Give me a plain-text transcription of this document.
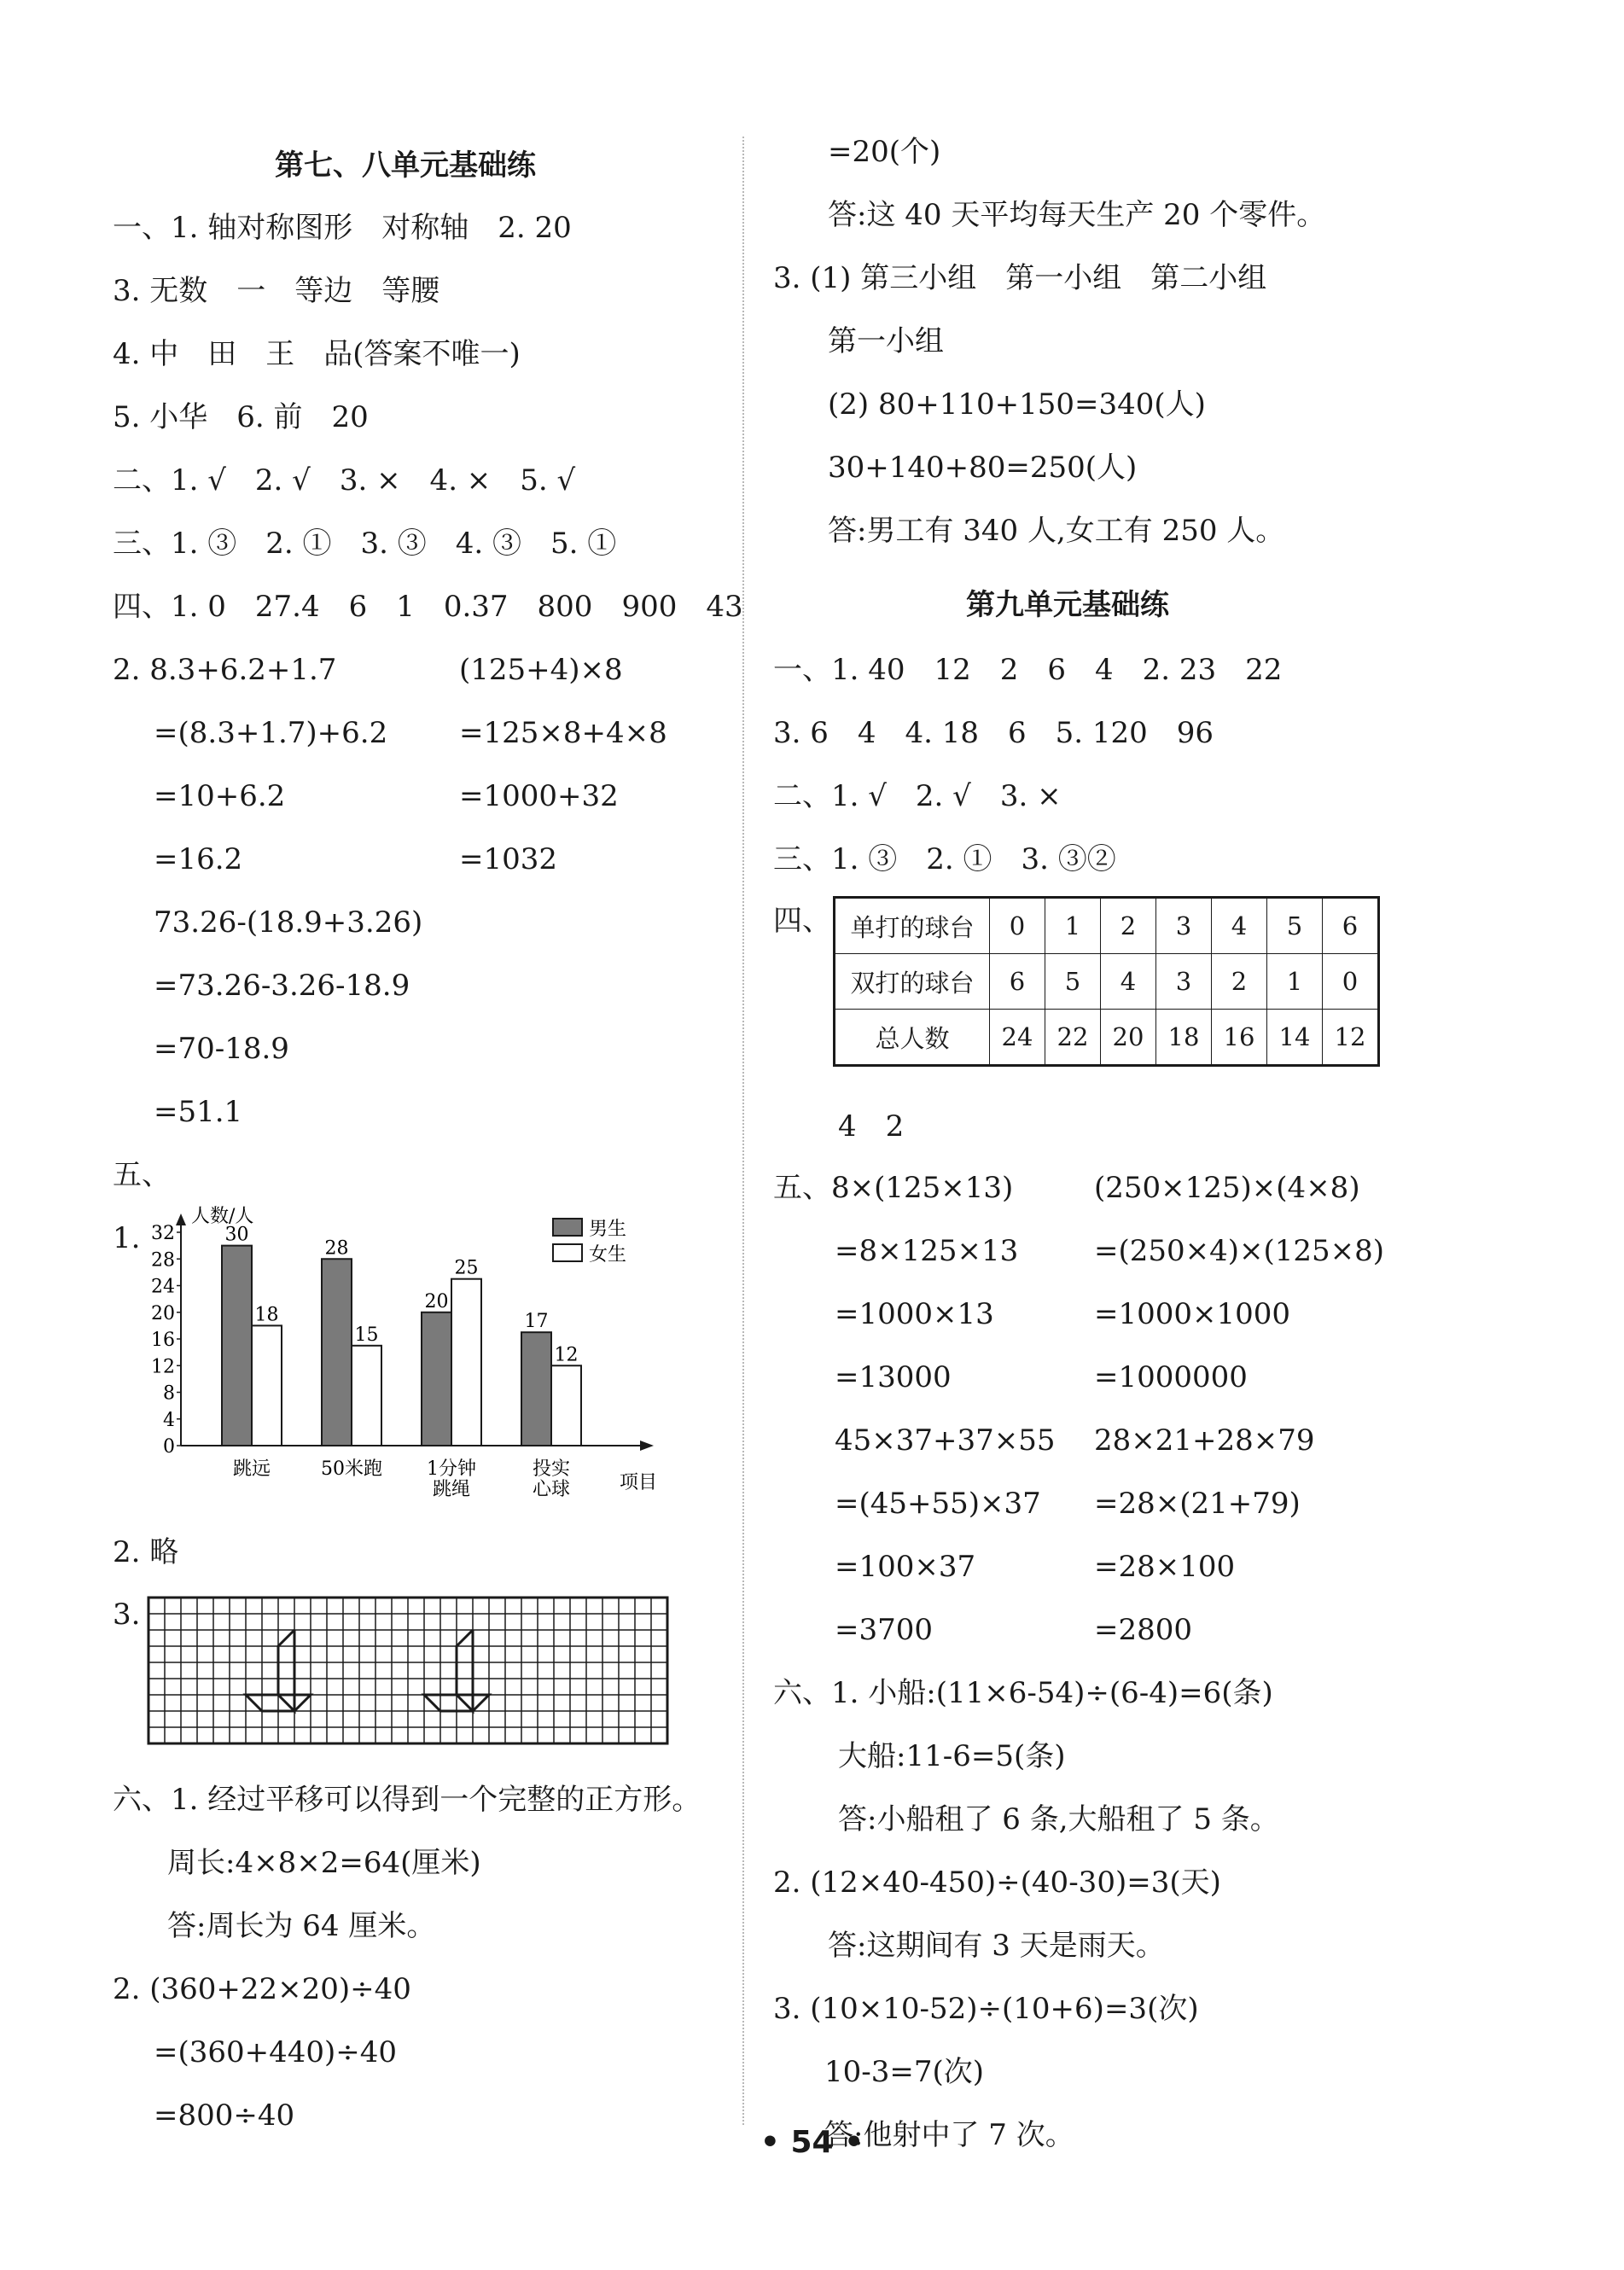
第七、八单元基础练
一、1. 轴对称图形　对称轴　2. 20
3. 无数　一　等边　等腰
4. 中　田　王　品(答案不唯一)
5. 小华　6. 前　20
二、1. √　2. √　3. ×　4. ×　5. √
三、1. ③　2. ①　3. ③　4. ③　5. ①
四、1. 0　27.4　6　1　0.37　800　900　43
2. 8.3+6.2+1.7
=(8.3+1.7)+6.2
=10+6.2
=16.2
(125+4)×8
=125×8+4×8
=1000+32
=1032
73.26-(18.9+3.26)
=73.26-3.26-18.9
=70-18.9
=51.1
五、
1.
人数/人
项目
0
4
8
12
16
20
24
28
32	30
18
跳远
28
15
50米跑
20
25
1分钟
跳绳
17
12
投实
心球
男生
女生
2. 略
3.
六、1. 经过平移可以得到一个完整的正方形。
周长:4×8×2=64(厘米)
答:周长为 64 厘米。
2. (360+22×20)÷40
=(360+440)÷40
=800÷40
=20(个)
答:这 40 天平均每天生产 20 个零件。
3. (1) 第三小组　第一小组　第二小组
第一小组
(2) 80+110+150=340(人)
30+140+80=250(人)
答:男工有 340 人,女工有 250 人。
第九单元基础练
一、1. 40　12　2　6　4　2. 23　22
3. 6　4　4. 18　6　5. 120　96
二、1. √　2. √　3. ×
三、1. ③　2. ①　3. ③②
四、 单打的球台	0	1	2	3	4	5	6
双打的球台	6	5	4	3	2	1	0
总人数	24	22	20	18	16	14	12
4　2
五、8×(125×13)
=8×125×13
=1000×13
=13000
(250×125)×(4×8)
=(250×4)×(125×8)
=1000×1000
=1000000
45×37+37×55
=(45+55)×37
=100×37
=3700
28×21+28×79
=28×(21+79)
=28×100
=2800
六、1. 小船:(11×6-54)÷(6-4)=6(条)
大船:11-6=5(条)
答:小船租了 6 条,大船租了 5 条。
2. (12×40-450)÷(40-30)=3(天)
答:这期间有 3 天是雨天。
3. (10×10-52)÷(10+6)=3(次)
10-3=7(次)
答:他射中了 7 次。
• 54 •
